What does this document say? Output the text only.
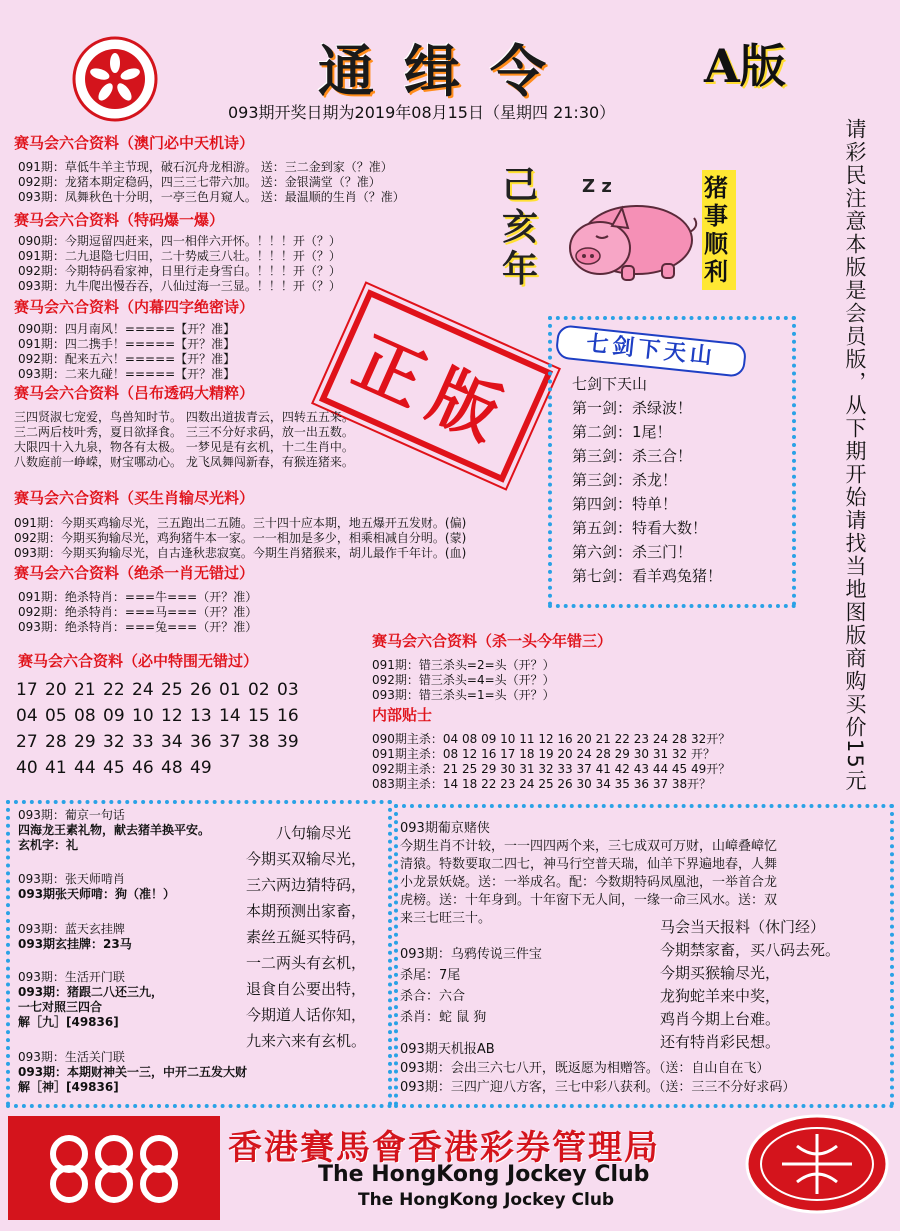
通 缉 令	A版
093期开奖日期为2019年08月15日（星期四 21:30）
请彩民注意本版是会员版，从下期开始请找当地图版商购买价15元
己亥年
Z z	猪事顺利
正版
赛马会六合资料（澳门必中天机诗）
091期：草低牛羊主节现，破石沉舟龙相游。 送：三二金到家（？准）
092期：龙猪本期定稳码，四三三七带六加。 送：金银满堂（？准）
093期：凤舞秋色十分明，一亭三色月窥人。 送：最温顺的生肖（？准）
赛马会六合资料（特码爆一爆）
090期：今期逗留四赶来，四一相伴六开怀。！！！开（？）
091期：二九退隐七归田，二十势威三八壮。！！！开（？）
092期：今期特码看家神，日里行走身雪白。！！！开（？）
093期：九牛爬出慢吞吞，八仙过海一三显。！！！开（？）
赛马会六合资料（内幕四字绝密诗）
090期：四月南风！=====【开？准】
091期：四二携手！=====【开？准】
092期：配来五六！=====【开？准】
093期：二来九碰！=====【开？准】
赛马会六合资料（吕布透码大精粹）
三四贤淑七宠爱，鸟兽知时节。 四数出道拔青云，四转五五来。
三二两后枝叶秀，夏日欲择食。 三三不分好求码，放一出五数。
大限四十入九泉，物各有太极。 一梦见是有玄机，十二生肖中。
八数庭前一峥嵘，财宝哪动心。 龙飞凤舞闯新春，有猴连猪来。
赛马会六合资料（买生肖输尽光料）
091期：今期买鸡输尽光，三五跑出二五随。三十四十应本期，地五爆开五发财。(偏)
092期：今期买狗输尽光，鸡狗猪牛本一家。一一相加是多少，相乘相减自分明。(蒙)
093期：今期买狗输尽光，自古逢秋悲寂寞。今期生肖猪猴来，胡儿最作千年计。(血)
赛马会六合资料（绝杀一肖无错过）
091期：绝杀特肖：===牛===（开？准）
092期：绝杀特肖：===马===（开？准）
093期：绝杀特肖：===兔===（开？准）
七剑下天山
七剑下天山
第一剑：杀绿波！
第二剑：1尾！
第三剑：杀三合！
第三剑：杀龙！
第四剑：特单！
第五剑：特看大数！
第六剑：杀三门！
第七剑：看羊鸡兔猪！
赛马会六合资料（必中特围无错过）
17 20 21 22 24 25 26 01 02 03
04 05 08 09 10 12 13 14 15 16
27 28 29 32 33 34 36 37 38 39
40 41 44 45 46 48 49
赛马会六合资料（杀一头今年错三）
091期：错三杀头=2=头（开？）
092期：错三杀头=4=头（开？）
093期：错三杀头=1=头（开？）
内部贴士
090期主杀：04 08 09 10 11 12 16 20 21 22 23 24 28 32开？
091期主杀：08 12 16 17 18 19 20 24 28 29 30 31 32 开？
092期主杀：21 25 29 30 31 32 33 37 41 42 43 44 45 49开？
083期主杀：14 18 22 23 24 25 26 30 34 35 36 37 38开？
093期：葡京一句话
四海龙王素礼物，献去猪羊换平安。
玄机字：礼
093期：张天师啃肖
093期张天师啃：狗（准！）
093期：蓝天玄挂牌
093期玄挂牌：23马
093期：生活开门联
093期：猪跟二八还三九，
一七对照三四合
解［九］[49836]
093期：生活关门联
093期：本期财神关一三，中开二五发大财
解［神］[49836]
八句输尽光
今期买双输尽光，
三六两边猜特码，
本期预测出家畜，
素丝五綖买特码，
一二两头有玄机，
退食自公要出特，
今期道人话你知，
九来六来有玄机。
093期葡京赌侠
今期生肖不计较，一一四四两个来，三七成双可万财，山嶂叠嶂忆
清猿。特数要取二四七，神马行空普天瑞，仙羊下界遍地春，人舞
小龙景妖娆。送：一举成名。配：今数期特码凤凰池，一举首合龙
虎榜。送：十年身到。十年窗下无人间，一缘一命三风水。送：双
来三七旺三十。
093期：乌鸦传说三件宝
杀尾：7尾
杀合：六合
杀肖：蛇 鼠 狗
马会当天报料（休门经）
今期禁家畜，买八码去死。
今期买猴输尽光，
龙狗蛇羊来中奖，
鸡肖今期上台难。
还有特肖彩民想。
093期天机报AB
093期：会出三六七八开，既返愿为相赠答。（送：自山自在飞）
093期：三四广迎八方客，三七中彩八获利。（送：三三不分好求码）
香港賽馬會香港彩券管理局
The HongKong Jockey Club
The HongKong Jockey Club
